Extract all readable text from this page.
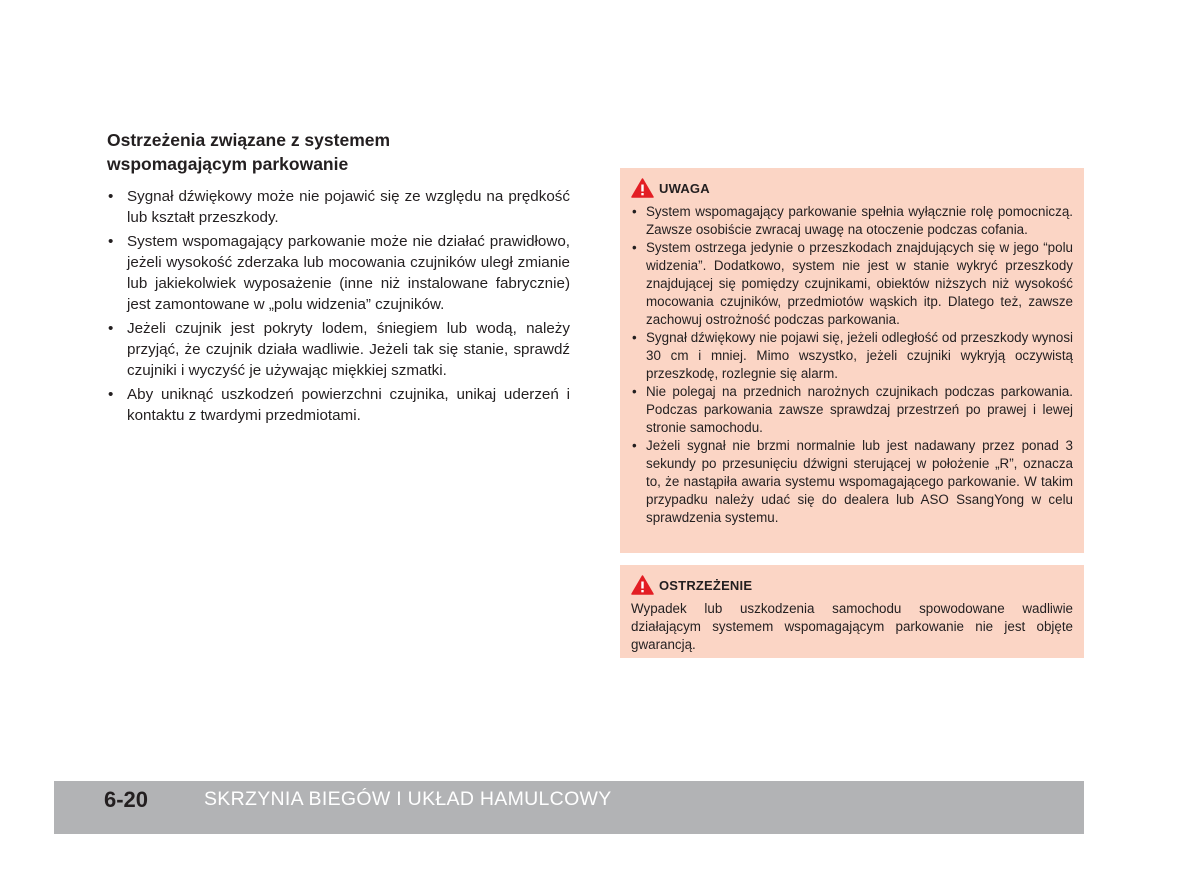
Ostrzeżenia związane z systemem
wspomagającym parkowanie
• Sygnał dźwiękowy może nie pojawić się ze względu na prędkość lub kształt przeszkody.
• System wspomagający parkowanie może nie działać prawidłowo, jeżeli wysokość zderzaka lub mocowania czujników uległ zmianie lub jakiekolwiek wyposażenie (inne niż instalowane fabrycznie) jest zamontowane w „polu widzenia” czujników.
• Jeżeli czujnik jest pokryty lodem, śniegiem lub wodą, należy przyjąć, że czujnik działa wadliwie. Jeżeli tak się stanie, sprawdź czujniki i wyczyść je używając miękkiej szmatki.
• Aby uniknąć uszkodzeń powierzchni czujnika, unikaj uderzeń i kontaktu z twardymi przedmiotami.
UWAGA
• System wspomagający parkowanie spełnia wyłącznie rolę pomocniczą. Zawsze osobiście zwracaj uwagę na otoczenie podczas cofania.
• System ostrzega jedynie o przeszkodach znajdujących się w jego “polu widzenia”. Dodatkowo, system nie jest w stanie wykryć przeszkody znajdującej się pomiędzy czujnikami, obiektów niższych niż wysokość mocowania czujników, przedmiotów wąskich itp. Dlatego też, zawsze zachowuj ostrożność podczas parkowania.
• Sygnał dźwiękowy nie pojawi się, jeżeli odległość od przeszkody wynosi 30 cm i mniej. Mimo wszystko, jeżeli czujniki wykryją oczywistą przeszkodę, rozlegnie się alarm.
• Nie polegaj na przednich narożnych czujnikach podczas parkowania. Podczas parkowania zawsze sprawdzaj przestrzeń po prawej i lewej stronie samochodu.
• Jeżeli sygnał nie brzmi normalnie lub jest nadawany przez ponad 3 sekundy po przesunięciu dźwigni sterującej w położenie „R”, oznacza to, że nastąpiła awaria systemu wspomagającego parkowanie. W takim przypadku należy udać się do dealera lub ASO SsangYong w celu sprawdzenia systemu.
OSTRZEŻENIE
Wypadek lub uszkodzenia samochodu spowodowane wadliwie działającym systemem wspomagającym parkowanie nie jest objęte gwarancją.
6-20	SKRZYNIA BIEGÓW I UKŁAD HAMULCOWY
